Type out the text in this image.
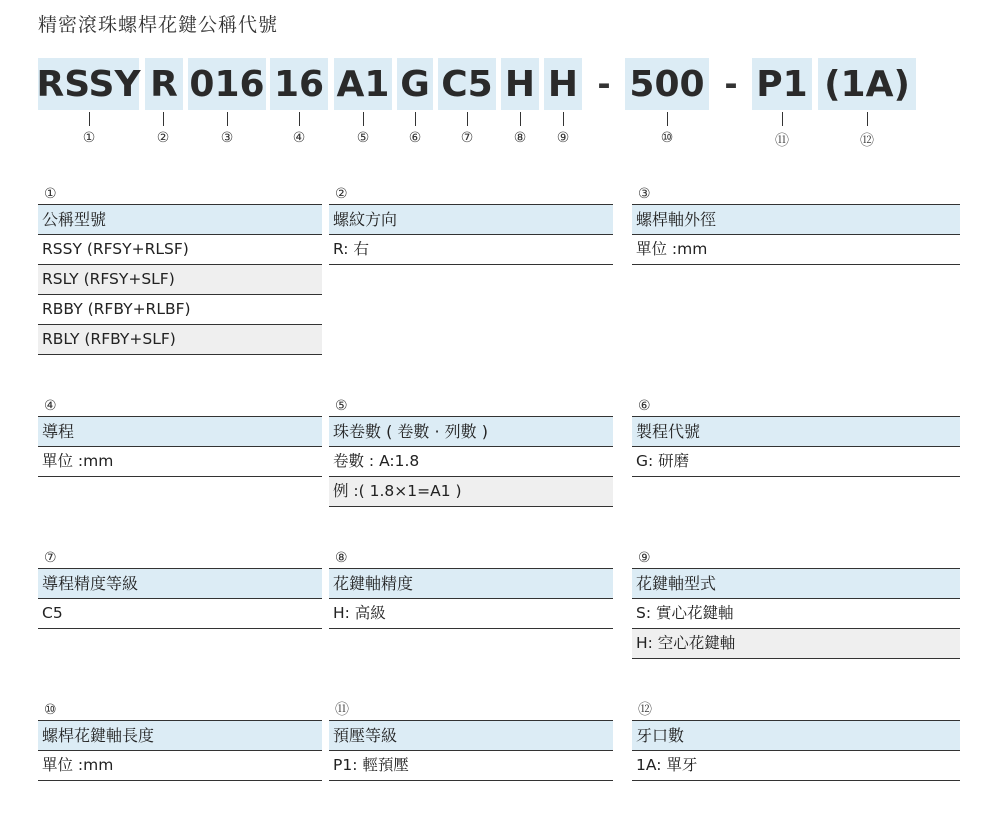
精密滾珠螺桿花鍵公稱代號
RSSY R 016 16 A1 G C5 H H - 500 - P1 (1A)
①	②	③	④	⑤	⑥	⑦	⑧ ⑨	⑩	⑪	⑫
①
公稱型號
RSSY (RFSY+RLSF)
RSLY (RFSY+SLF)
RBBY (RFBY+RLBF)
RBLY (RFBY+SLF)
②
螺紋方向
R: 右
③
螺桿軸外徑
單位 :mm
④
導程
單位 :mm
⑤
珠卷數 ( 卷數 · 列數 )
卷數 : A:1.8
例 :( 1.8×1=A1 )
⑥
製程代號
G: 研磨
⑦
導程精度等級
C5
⑧
花鍵軸精度
H: 高級
⑨
花鍵軸型式
S: 實心花鍵軸
H: 空心花鍵軸
⑩
螺桿花鍵軸長度
單位 :mm
⑪
預壓等級
P1: 輕預壓
⑫
牙口數
1A: 單牙
